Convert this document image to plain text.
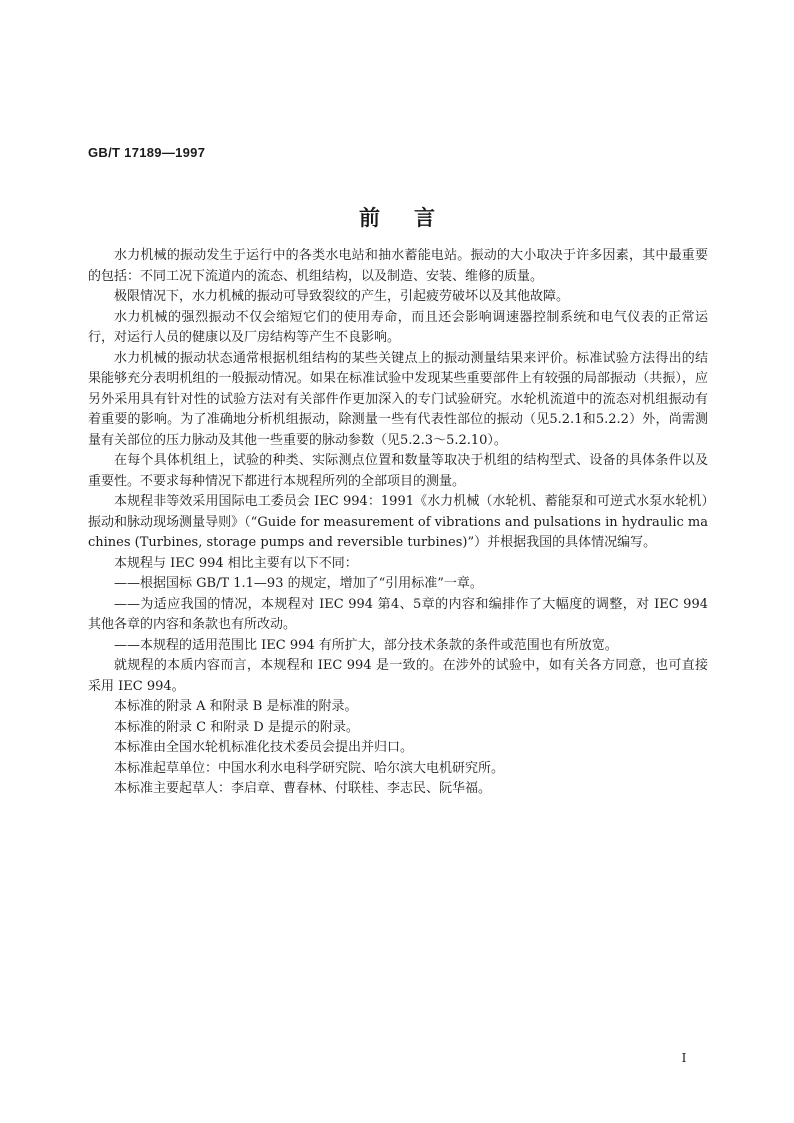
GB/T 17189—1997

前言

水力机械的振动发生于运行中的各类水电站和抽水蓄能电站。振动的大小取决于许多因素，其中最重要的包括：不同工况下流道内的流态、机组结构，以及制造、安装、维修的质量。

极限情况下，水力机械的振动可导致裂纹的产生，引起疲劳破坏以及其他故障。

水力机械的强烈振动不仅会缩短它们的使用寿命，而且还会影响调速器控制系统和电气仪表的正常运行，对运行人员的健康以及厂房结构等产生不良影响。

水力机械的振动状态通常根据机组结构的某些关键点上的振动测量结果来评价。标准试验方法得出的结果能够充分表明机组的一般振动情况。如果在标准试验中发现某些重要部件上有较强的局部振动（共振），应另外采用具有针对性的试验方法对有关部件作更加深入的专门试验研究。水轮机流道中的流态对机组振动有着重要的影响。为了准确地分析机组振动，除测量一些有代表性部位的振动（见5.2.1和5.2.2）外，尚需测量有关部位的压力脉动及其他一些重要的脉动参数（见5.2.3～5.2.10）。

在每个具体机组上，试验的种类、实际测点位置和数量等取决于机组的结构型式、设备的具体条件以及重要性。不要求每种情况下都进行本规程所列的全部项目的测量。

本规程非等效采用国际电工委员会 IEC 994：1991《水力机械（水轮机、蓄能泵和可逆式水泵水轮机）振动和脉动现场测量导则》（“Guide for measurement of vibrations and pulsations in hydraulic machines (Turbines, storage pumps and reversible turbines)”）并根据我国的具体情况编写。

本规程与 IEC 994 相比主要有以下不同：

——根据国标 GB/T 1.1—93 的规定，增加了“引用标准”一章。

——为适应我国的情况，本规程对 IEC 994 第4、5章的内容和编排作了大幅度的调整，对 IEC 994 其他各章的内容和条款也有所改动。

——本规程的适用范围比 IEC 994 有所扩大，部分技术条款的条件或范围也有所放宽。

就规程的本质内容而言，本规程和 IEC 994 是一致的。在涉外的试验中，如有关各方同意，也可直接采用 IEC 994。

本标准的附录 A 和附录 B 是标准的附录。

本标准的附录 C 和附录 D 是提示的附录。

本标准由全国水轮机标准化技术委员会提出并归口。

本标准起草单位：中国水利水电科学研究院、哈尔滨大电机研究所。

本标准主要起草人：李启章、曹春林、付联桂、李志民、阮华福。

I
